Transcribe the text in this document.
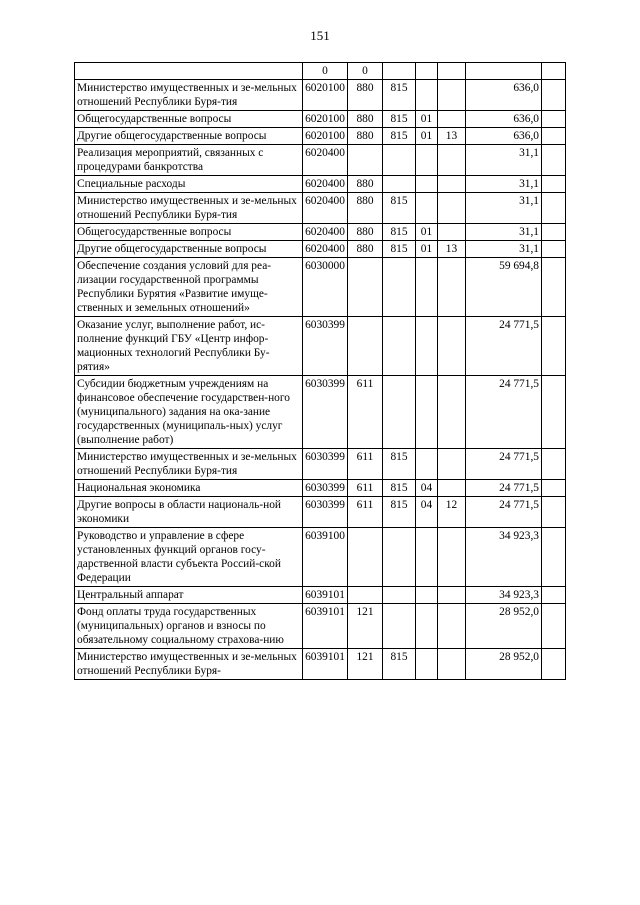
151
	0	0					
Министерство имущественных и зе-мельных отношений Республики Буря-тия	6020100	880	815			636,0	
Общегосударственные вопросы	6020100	880	815	01		636,0	
Другие общегосударственные вопросы	6020100	880	815	01	13	636,0	
Реализация мероприятий, связанных с процедурами банкротства	6020400					31,1	
Специальные расходы	6020400	880				31,1	
Министерство имущественных и зе-мельных отношений Республики Буря-тия	6020400	880	815			31,1	
Общегосударственные вопросы	6020400	880	815	01		31,1	
Другие общегосударственные вопросы	6020400	880	815	01	13	31,1	
Обеспечение создания условий для реа-лизации государственной программы Республики Бурятия «Развитие имуще-ственных и земельных отношений»	6030000					59 694,8	
Оказание услуг, выполнение работ, ис-полнение функций ГБУ «Центр инфор-мационных технологий Республики Бу-рятия»	6030399					24 771,5	
Субсидии бюджетным учреждениям на финансовое обеспечение государствен-ного (муниципального) задания на ока-зание государственных (муниципаль-ных) услуг (выполнение работ)	6030399	611				24 771,5	
Министерство имущественных и зе-мельных отношений Республики Буря-тия	6030399	611	815			24 771,5	
Национальная экономика	6030399	611	815	04		24 771,5	
Другие вопросы в области националь-ной экономики	6030399	611	815	04	12	24 771,5	
Руководство и управление в сфере установленных функций органов госу-дарственной власти субъекта Россий-ской Федерации	6039100					34 923,3	
Центральный аппарат	6039101					34 923,3	
Фонд оплаты труда государственных (муниципальных) органов и взносы по обязательному социальному страхова-нию	6039101	121				28 952,0	
Министерство имущественных и зе-мельных отношений Республики Буря-	6039101	121	815			28 952,0	
